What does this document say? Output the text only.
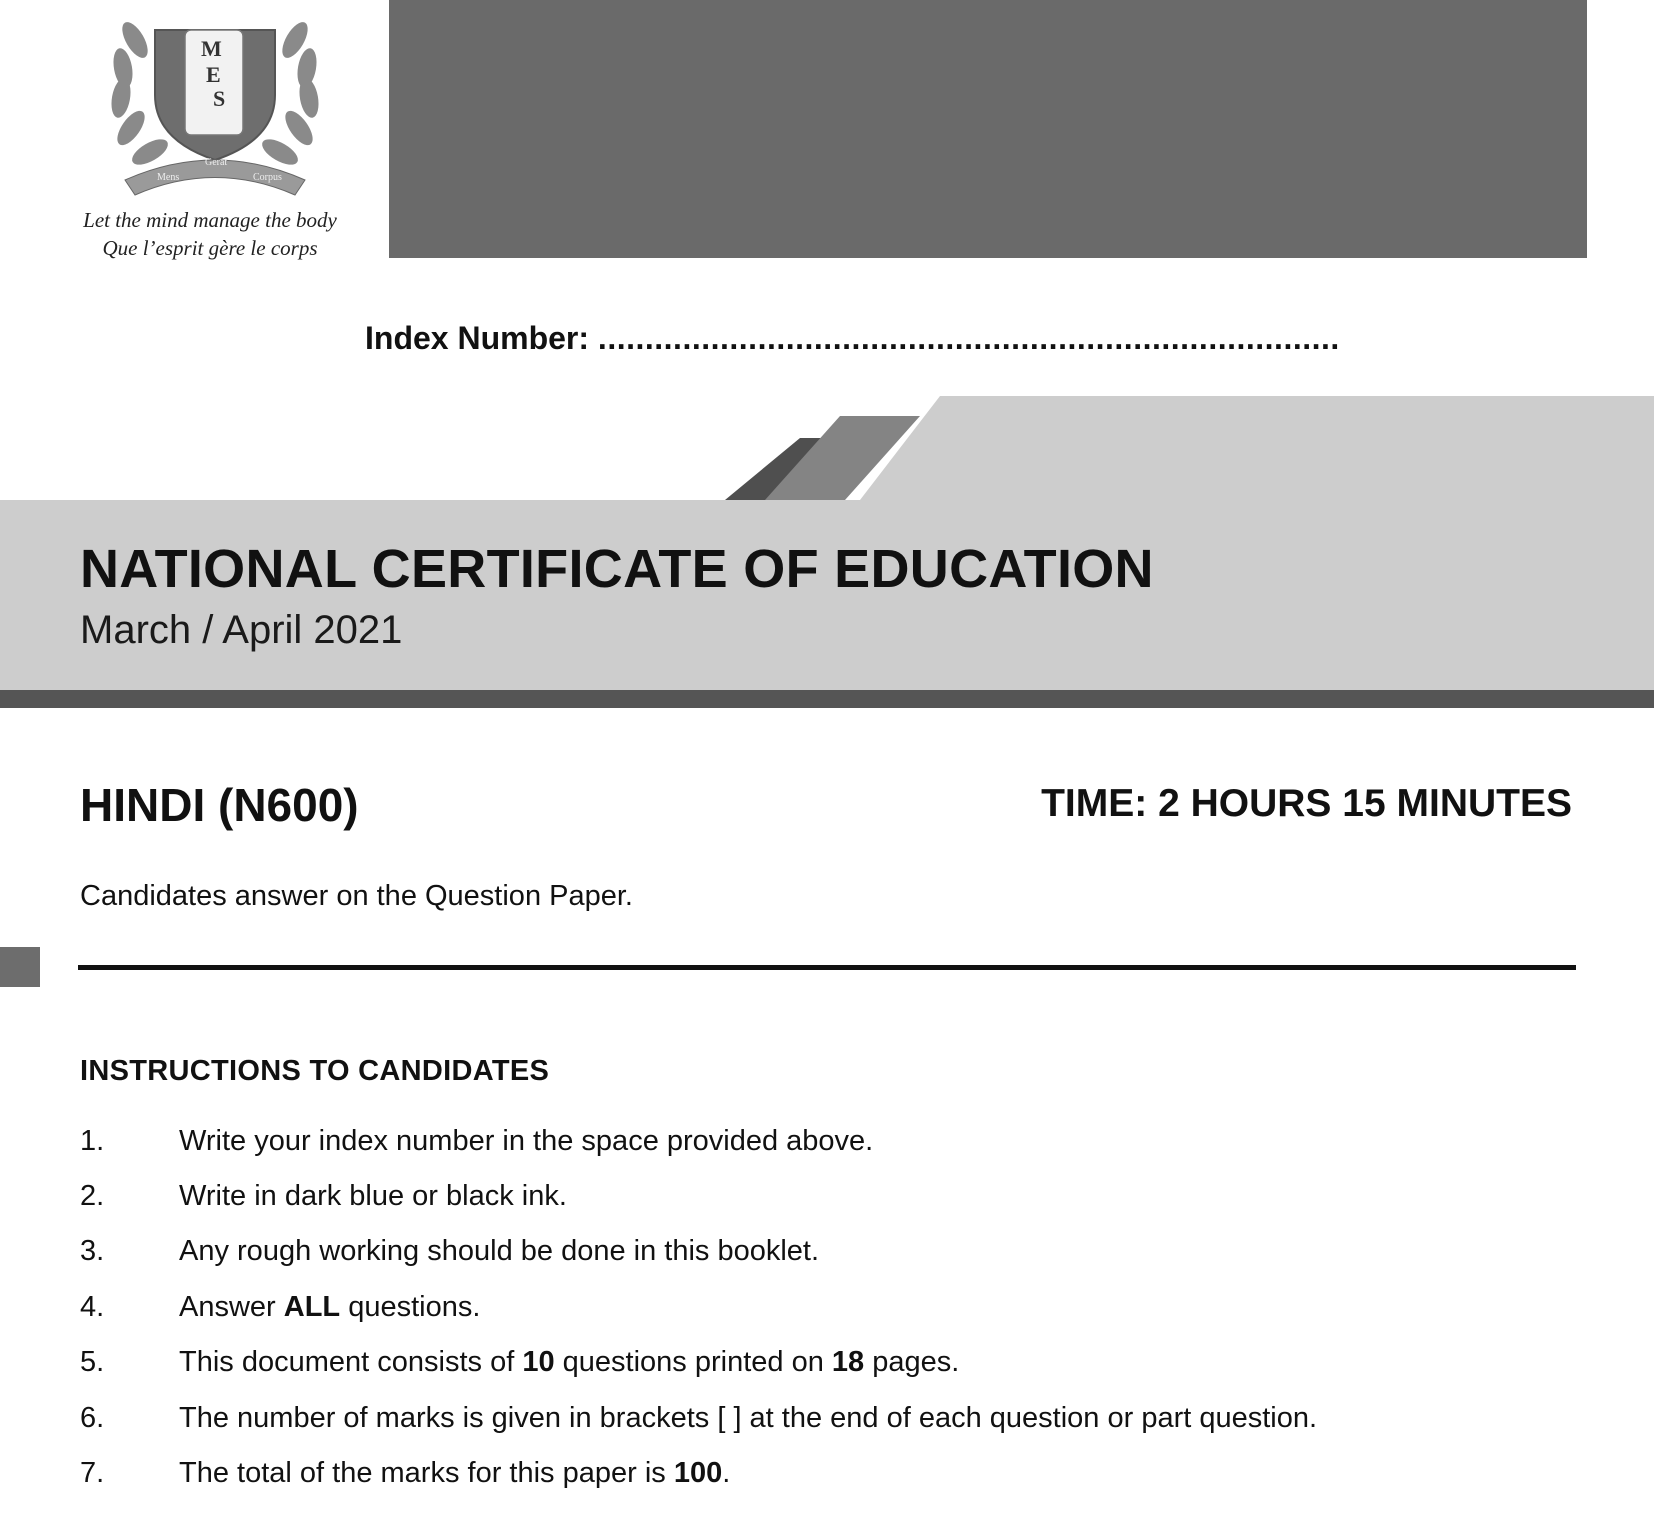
M
E
S
Mens
Gerat
Corpus
Let the mind manage the body
Que l’esprit gère le corps
Index Number: ...............................................................................
NATIONAL CERTIFICATE OF EDUCATION
March / April 2021
HINDI (N600)	TIME: 2 HOURS 15 MINUTES
Candidates answer on the Question Paper.
INSTRUCTIONS TO CANDIDATES
1.	Write your index number in the space provided above.
2.	Write in dark blue or black ink.
3.	Any rough working should be done in this booklet.
4.	Answer ALL questions.
5.	This document consists of 10 questions printed on 18 pages.
6.	The number of marks is given in brackets [ ] at the end of each question or part question.
7.	The total of the marks for this paper is 100.
